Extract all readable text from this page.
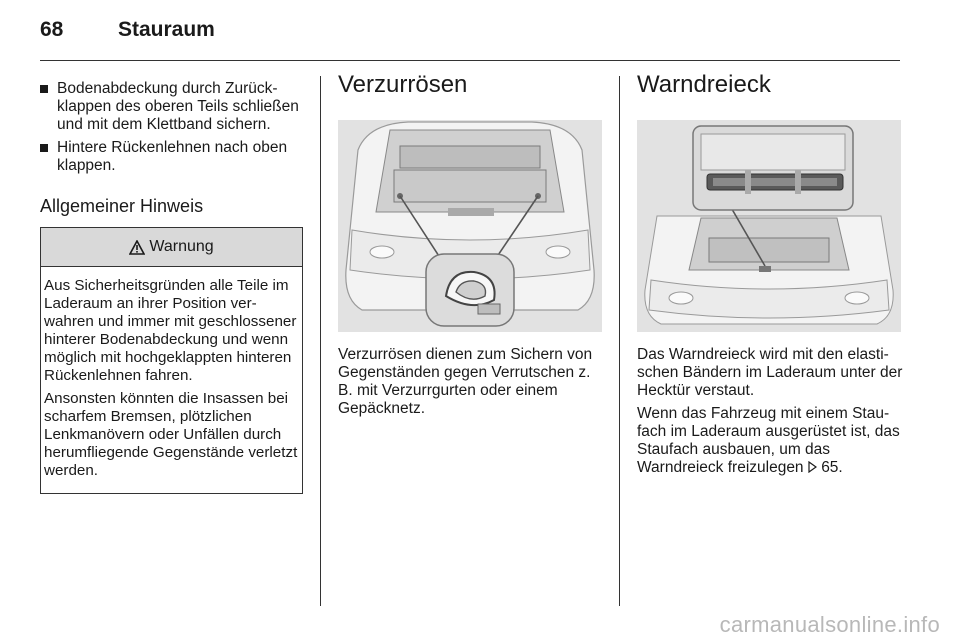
68	Stauraum
Bodenabdeckung durch Zurückklappen des oberen Teils schließen und mit dem Klettband sichern.
Hintere Rückenlehnen nach oben klappen.
Allgemeiner Hinweis
Warnung

Aus Sicherheitsgründen alle Teile im Laderaum an ihrer Position verwahren und immer mit geschlossener hinterer Bodenabdeckung und wenn möglich mit hochgeklappten hinteren Rückenlehnen fahren.

Ansonsten könnten die Insassen bei scharfem Bremsen, plötzlichen Lenkmanövern oder Unfällen durch herumfliegende Gegenstände verletzt werden.

Verzurrösen

Verzurrösen dienen zum Sichern von Gegenständen gegen Verrutschen z. B. mit Verzurrgurten oder einem Gepäcknetz.

Warndreieck

Das Warndreieck wird mit den elastischen Bändern im Laderaum unter der Hecktür verstaut.

Wenn das Fahrzeug mit einem Staufach im Laderaum ausgerüstet ist, das Staufach ausbauen, um das Warndreieck freizulegen 65.

carmanualsonline.info
